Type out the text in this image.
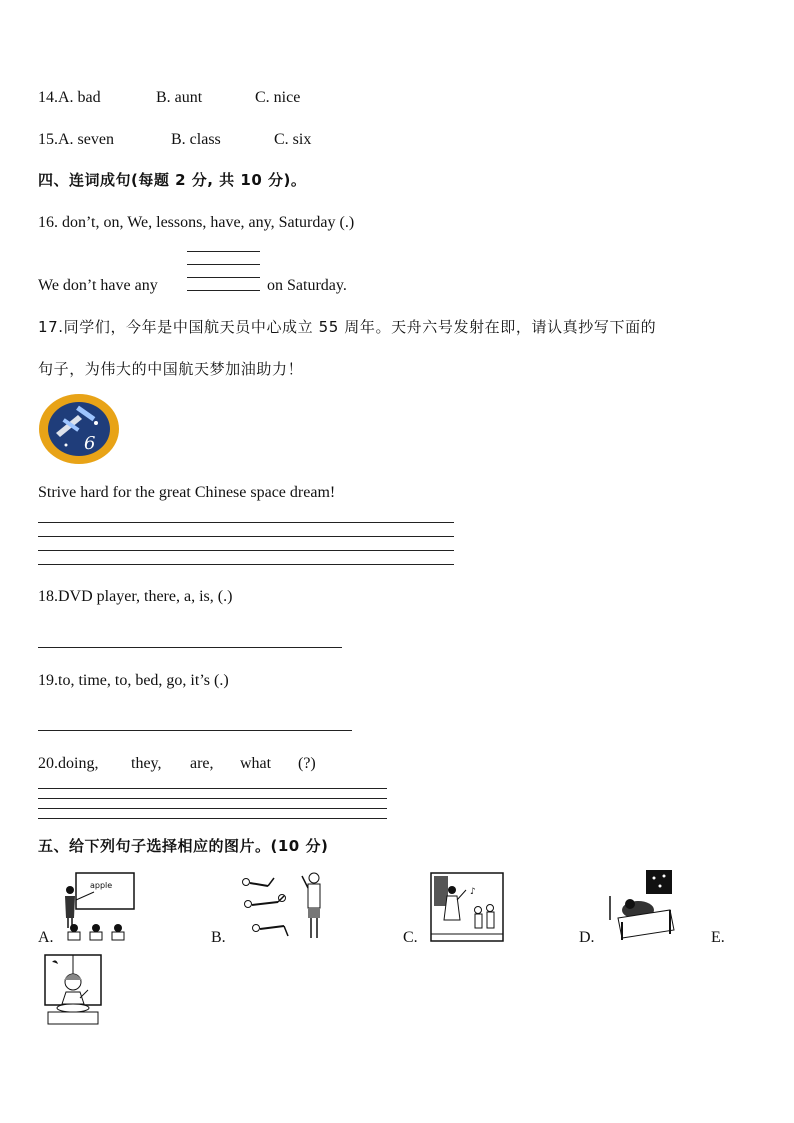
14.A. bad	B. aunt	C. nice
15.A. seven	B. class	C. six
四、连词成句(每题 2 分, 共 10 分)。
16. don’t, on, We, lessons, have, any, Saturday (.)
We don’t have any	on Saturday.
17.同学们，今年是中国航天员中心成立 55 周年。天舟六号发射在即，请认真抄写下面的
句子，为伟大的中国航天梦加油助力！
6
Strive hard for the great Chinese space dream!
18.DVD player, there, a, is, (.)
19.to, time, to, bed, go, it’s (.)
20.doing, they, are, what (?)
五、给下列句子选择相应的图片。(10 分)
A.
apple
B.	C.
♪
D.	E.
